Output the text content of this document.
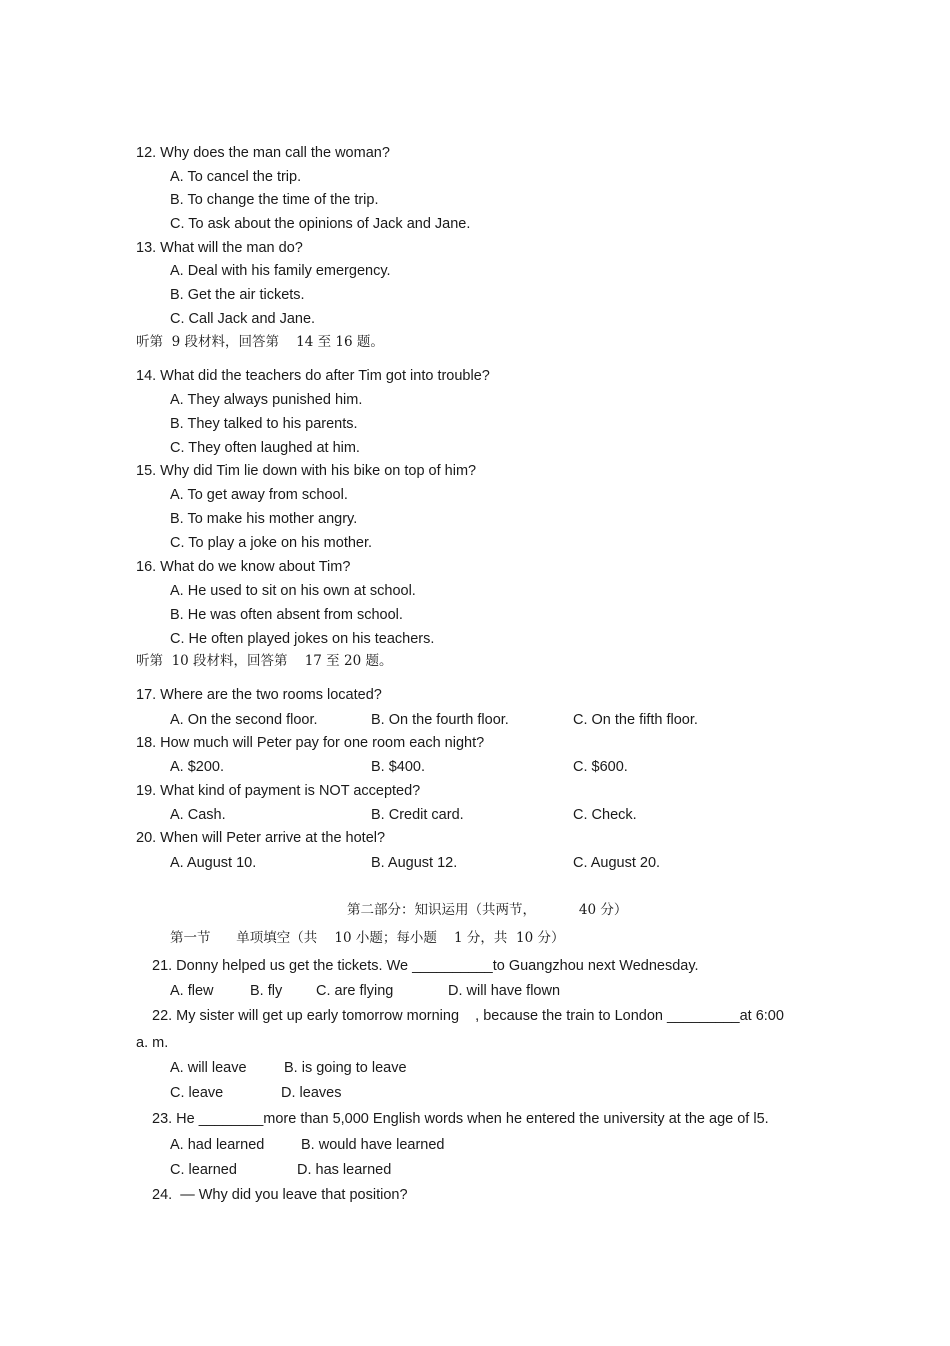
12. Why does the man call the woman?
A. To cancel the trip.
B. To change the time of the trip.
C. To ask about the opinions of Jack and Jane.
13. What will the man do?
A. Deal with his family emergency.
B. Get the air tickets.
C. Call Jack and Jane.
听第  9 段材料，回答第    14 至 16 题。
14. What did the teachers do after Tim got into trouble?
A. They always punished him.
B. They talked to his parents.
C. They often laughed at him.
15. Why did Tim lie down with his bike on top of him?
A. To get away from school.
B. To make his mother angry.
C. To play a joke on his mother.
16. What do we know about Tim?
A. He used to sit on his own at school.
B. He was often absent from school.
C. He often played jokes on his teachers.
听第  10 段材料，回答第    17 至 20 题。
17. Where are the two rooms located?
A. On the second floor.	B. On the fourth floor.	C. On the fifth floor.
18. How much will Peter pay for one room each night?
A. $200.	B. $400.	C. $600.
19. What kind of payment is NOT accepted?
A. Cash.	B. Credit card.	C. Check.
20. When will Peter arrive at the hotel?
A. August 10.	B. August 12.	C. August 20.
第二部分：知识运用（共两节，          40 分）
第一节      单项填空（共    10 小题；每小题    1 分，共  10 分）
21. Donny helped us get the tickets. We __________to Guangzhou next Wednesday.
A. flew	B. fly C. are flying	D. will have flown
22. My sister will get up early tomorrow morning    , because the train to London _________at 6:00
a. m.
A. will leave	B. is going to leave
C. leave	D. leaves
23. He ________more than 5,000 English words when he entered the university at the age of l5.
A. had learned	B. would have learned
C. learned	D. has learned
24.  — Why did you leave that position?
